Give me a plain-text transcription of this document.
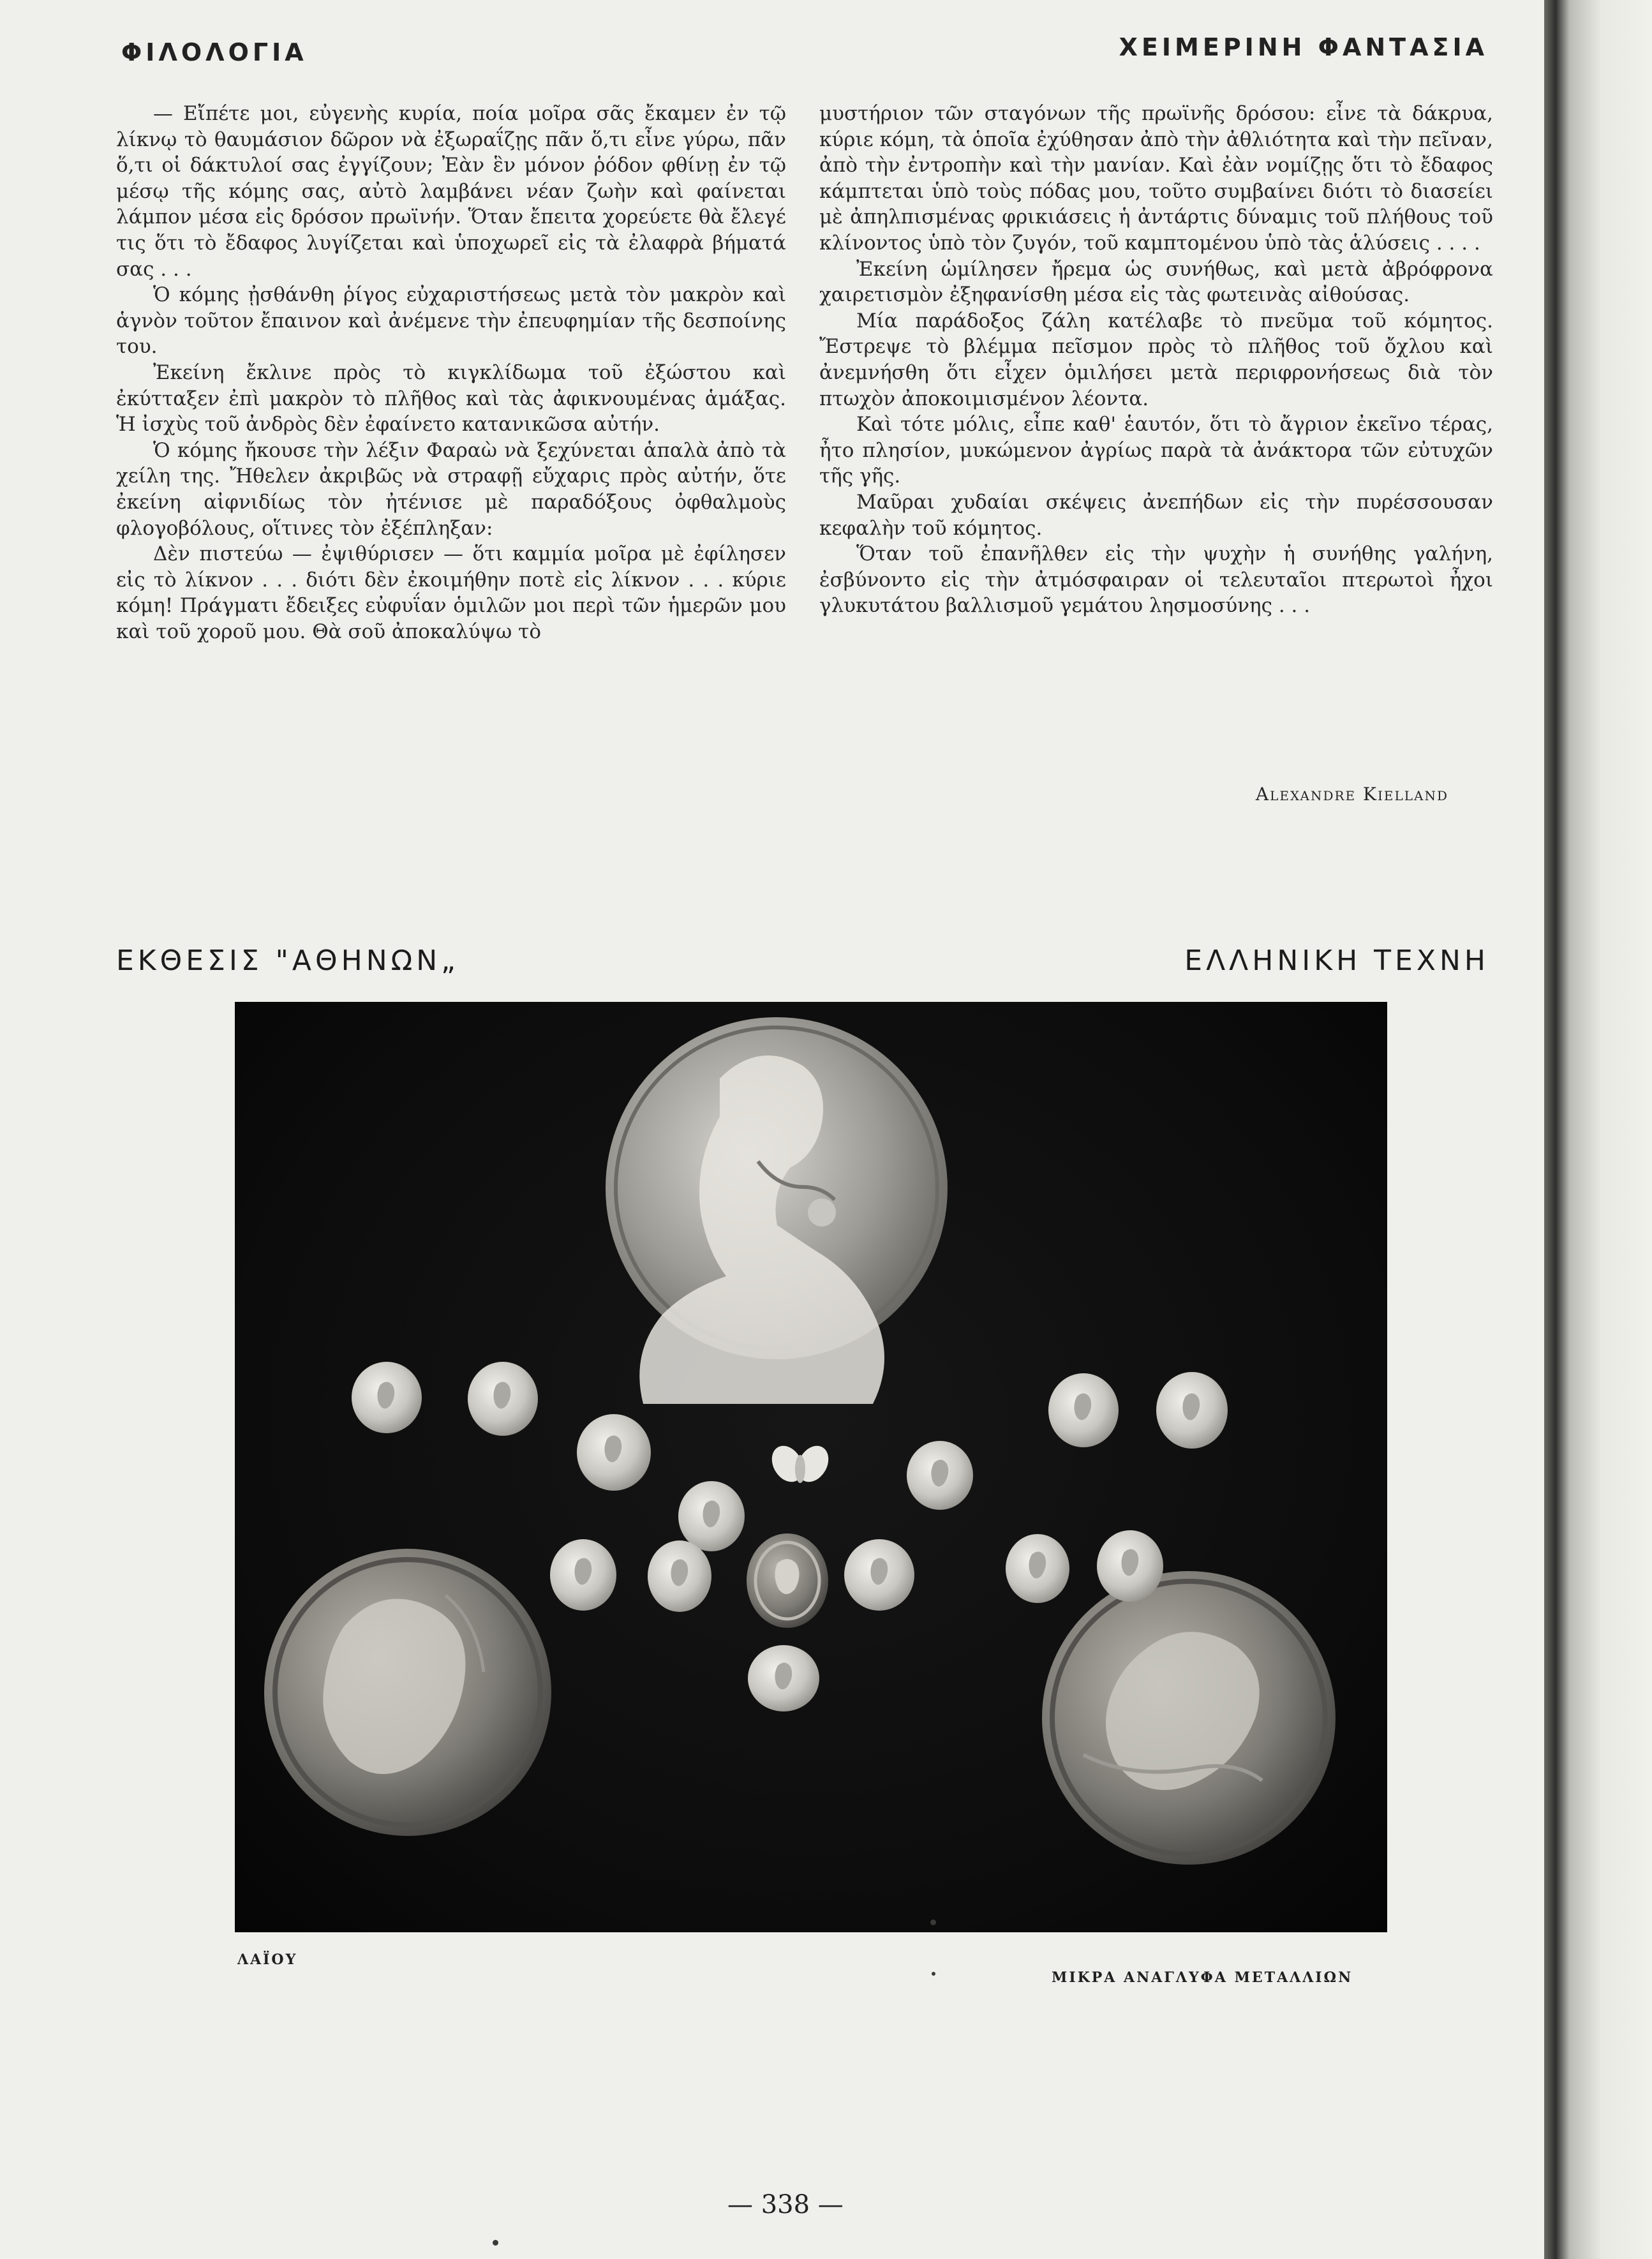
ΦΙΛΟΛΟΓΙΑ	ΧΕΙΜΕΡΙΝΗ ΦΑΝΤΑΣΙΑ

— Εἴπέτε μοι, εὐγενὴς κυρία, ποία μοῖρα σᾶς ἔκαμεν ἐν τῷ λίκνῳ τὸ θαυμάσιον δῶρον νὰ ἐξωραΐζῃς πᾶν ὅ,τι εἶνε γύρω, πᾶν ὅ,τι οἱ δάκτυλοί σας ἐγγίζουν; Ἐὰν ἓν μόνον ῥόδον φθίνῃ ἐν τῷ μέσῳ τῆς κόμης σας, αὐτὸ λαμβάνει νέαν ζωὴν καὶ φαίνεται λάμπον μέσα εἰς δρόσον πρωϊνήν. Ὅταν ἔπειτα χορεύετε θὰ ἔλεγέ τις ὅτι τὸ ἔδαφος λυγίζεται καὶ ὑποχωρεῖ εἰς τὰ ἐλαφρὰ βήματά σας . . .

Ὁ κόμης ᾐσθάνθη ῥίγος εὐχαριστήσεως μετὰ τὸν μακρὸν καὶ ἁγνὸν τοῦτον ἔπαινον καὶ ἀνέμενε τὴν ἐπευφημίαν τῆς δεσποίνης του.

Ἐκείνη ἔκλινε πρὸς τὸ κιγκλίδωμα τοῦ ἐξώστου καὶ ἐκύτταξεν ἐπὶ μακρὸν τὸ πλῆθος καὶ τὰς ἀφικνουμένας ἁμάξας. Ἡ ἰσχὺς τοῦ ἀνδρὸς δὲν ἐφαίνετο κατανικῶσα αὐτήν.

Ὁ κόμης ἤκουσε τὴν λέξιν Φαραὼ νὰ ξεχύνεται ἁπαλὰ ἀπὸ τὰ χείλη της. Ἤθελεν ἀκριβῶς νὰ στραφῇ εὔχαρις πρὸς αὐτήν, ὅτε ἐκείνη αἰφνιδίως τὸν ἠτένισε μὲ παραδόξους ὀφθαλμοὺς φλογοβόλους, οἵτινες τὸν ἐξέπληξαν:

Δὲν πιστεύω — ἐψιθύρισεν — ὅτι καμμία μοῖρα μὲ ἐφίλησεν εἰς τὸ λίκνον . . . διότι δὲν ἐκοιμήθην ποτὲ εἰς λίκνον . . . κύριε κόμη! Πράγματι ἔδειξες εὐφυΐαν ὁμιλῶν μοι περὶ τῶν ἡμερῶν μου καὶ τοῦ χοροῦ μου. Θὰ σοῦ ἀποκαλύψω τὸ

μυστήριον τῶν σταγόνων τῆς πρωϊνῆς δρόσου: εἶνε τὰ δάκρυα, κύριε κόμη, τὰ ὁποῖα ἐχύθησαν ἀπὸ τὴν ἀθλιότητα καὶ τὴν πεῖναν, ἀπὸ τὴν ἐντροπὴν καὶ τὴν μανίαν. Καὶ ἐὰν νομίζῃς ὅτι τὸ ἔδαφος κάμπτεται ὑπὸ τοὺς πόδας μου, τοῦτο συμβαίνει διότι τὸ διασείει μὲ ἀπηλπισμένας φρικιάσεις ἡ ἀντάρτις δύναμις τοῦ πλήθους τοῦ κλίνοντος ὑπὸ τὸν ζυγόν, τοῦ καμπτομένου ὑπὸ τὰς ἁλύσεις . . . .

Ἐκείνη ὡμίλησεν ἤρεμα ὡς συνήθως, καὶ μετὰ ἀβρόφρονα χαιρετισμὸν ἐξηφανίσθη μέσα εἰς τὰς φωτεινὰς αἰθούσας.

Μία παράδοξος ζάλη κατέλαβε τὸ πνεῦμα τοῦ κόμητος. Ἔστρεψε τὸ βλέμμα πεῖσμον πρὸς τὸ πλῆθος τοῦ ὄχλου καὶ ἀνεμνήσθη ὅτι εἶχεν ὁμιλήσει μετὰ περιφρονήσεως διὰ τὸν πτωχὸν ἀποκοιμισμένον λέοντα.

Καὶ τότε μόλις, εἶπε καθ' ἑαυτόν, ὅτι τὸ ἄγριον ἐκεῖνο τέρας, ἦτο πλησίον, μυκώμενον ἀγρίως παρὰ τὰ ἀνάκτορα τῶν εὐτυχῶν τῆς γῆς.

Μαῦραι χυδαίαι σκέψεις ἀνεπήδων εἰς τὴν πυρέσσουσαν κεφαλὴν τοῦ κόμητος.

Ὅταν τοῦ ἐπανῆλθεν εἰς τὴν ψυχὴν ἡ συνήθης γαλήνη, ἐσβύνοντο εἰς τὴν ἀτμόσφαιραν οἱ τελευταῖοι πτερωτοὶ ἦχοι γλυκυτάτου βαλλισμοῦ γεμάτου λησμοσύνης . . .

Alexandre Kielland
ΕΚΘΕΣΙΣ "ΑΘΗΝΩΝ„	ΕΛΛΗΝΙΚΗ ΤΕΧΝΗ
ΛΑΪΟΥ
ΜΙΚΡΑ ΑΝΑΓΛΥΦΑ ΜΕΤΑΛΛΙΩΝ
— 338 —
